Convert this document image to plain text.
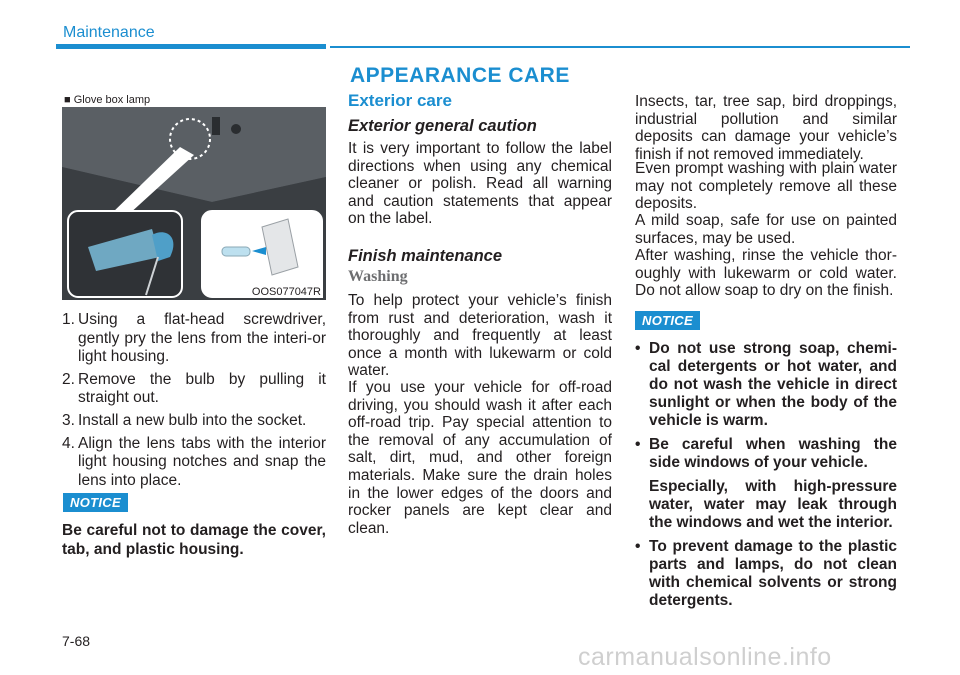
Maintenance
■ Glove box lamp
OOS077047R
1. Using a flat-head screwdriver, gently pry the lens from the interi-or light housing.
2. Remove the bulb by pulling it straight out.
3. Install a new bulb into the socket.
4. Align the lens tabs with the interior light housing notches and snap the lens into place.
NOTICE
Be careful not to damage the cover, tab, and plastic housing.
APPEARANCE CARE
Exterior care
Exterior general caution
It is very important to follow the label directions when using any chemical cleaner or polish. Read all warning and caution statements that appear on the label.
Finish maintenance
Washing
To help protect your vehicle’s finish from rust and deterioration, wash it thoroughly and frequently at least once a month with lukewarm or cold water.
If you use your vehicle for off-road driving, you should wash it after each off-road trip. Pay special attention to the removal of any accumulation of salt, dirt, mud, and other foreign materials. Make sure the drain holes in the lower edges of the doors and rocker panels are kept clear and clean.
Insects, tar, tree sap, bird droppings, industrial pollution and similar deposits can damage your vehicle’s finish if not removed immediately.
Even prompt washing with plain water may not completely remove all these deposits.
A mild soap, safe for use on painted surfaces, may be used.
After washing, rinse the vehicle thor-oughly with lukewarm or cold water. Do not allow soap to dry on the finish.
NOTICE
• Do not use strong soap, chemi-cal detergents or hot water, and do not wash the vehicle in direct sunlight or when the body of the vehicle is warm.
• Be careful when washing the side windows of your vehicle.
Especially, with high-pressure water, water may leak through the windows and wet the interior.
• To prevent damage to the plastic parts and lamps, do not clean with chemical solvents or strong detergents.
7-68
carmanualsonline.info
